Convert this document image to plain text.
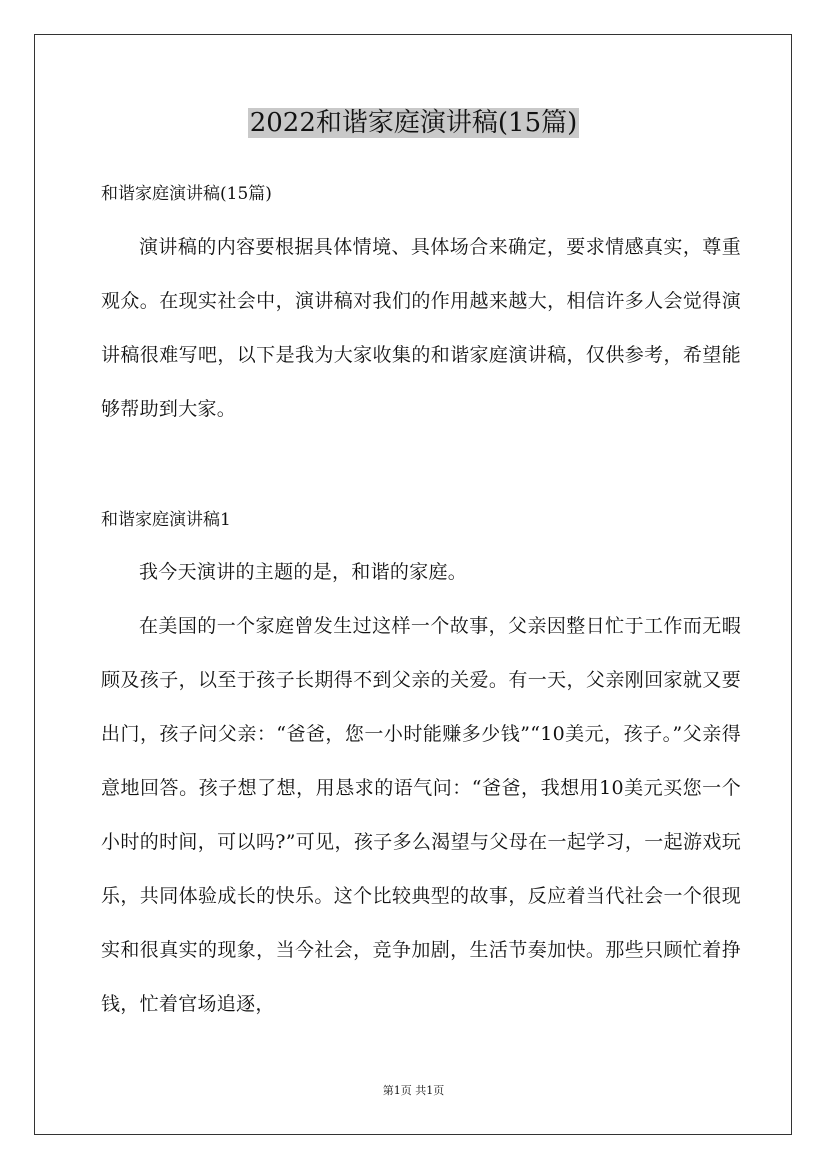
2022和谐家庭演讲稿(15篇)

和谐家庭演讲稿(15篇)

演讲稿的内容要根据具体情境、具体场合来确定，要求情感真实，尊重观众。在现实社会中，演讲稿对我们的作用越来越大，相信许多人会觉得演讲稿很难写吧，以下是我为大家收集的和谐家庭演讲稿，仅供参考，希望能够帮助到大家。

和谐家庭演讲稿1

我今天演讲的主题的是，和谐的家庭。

在美国的一个家庭曾发生过这样一个故事，父亲因整日忙于工作而无暇顾及孩子，以至于孩子长期得不到父亲的关爱。有一天，父亲刚回家就又要出门，孩子问父亲：“爸爸，您一小时能赚多少钱”“10美元，孩子。”父亲得意地回答。孩子想了想，用恳求的语气问：“爸爸，我想用10美元买您一个小时的时间，可以吗?”可见，孩子多么渴望与父母在一起学习，一起游戏玩乐，共同体验成长的快乐。这个比较典型的故事，反应着当代社会一个很现实和很真实的现象，当今社会，竞争加剧，生活节奏加快。那些只顾忙着挣钱，忙着官场追逐，

第1页 共1页
